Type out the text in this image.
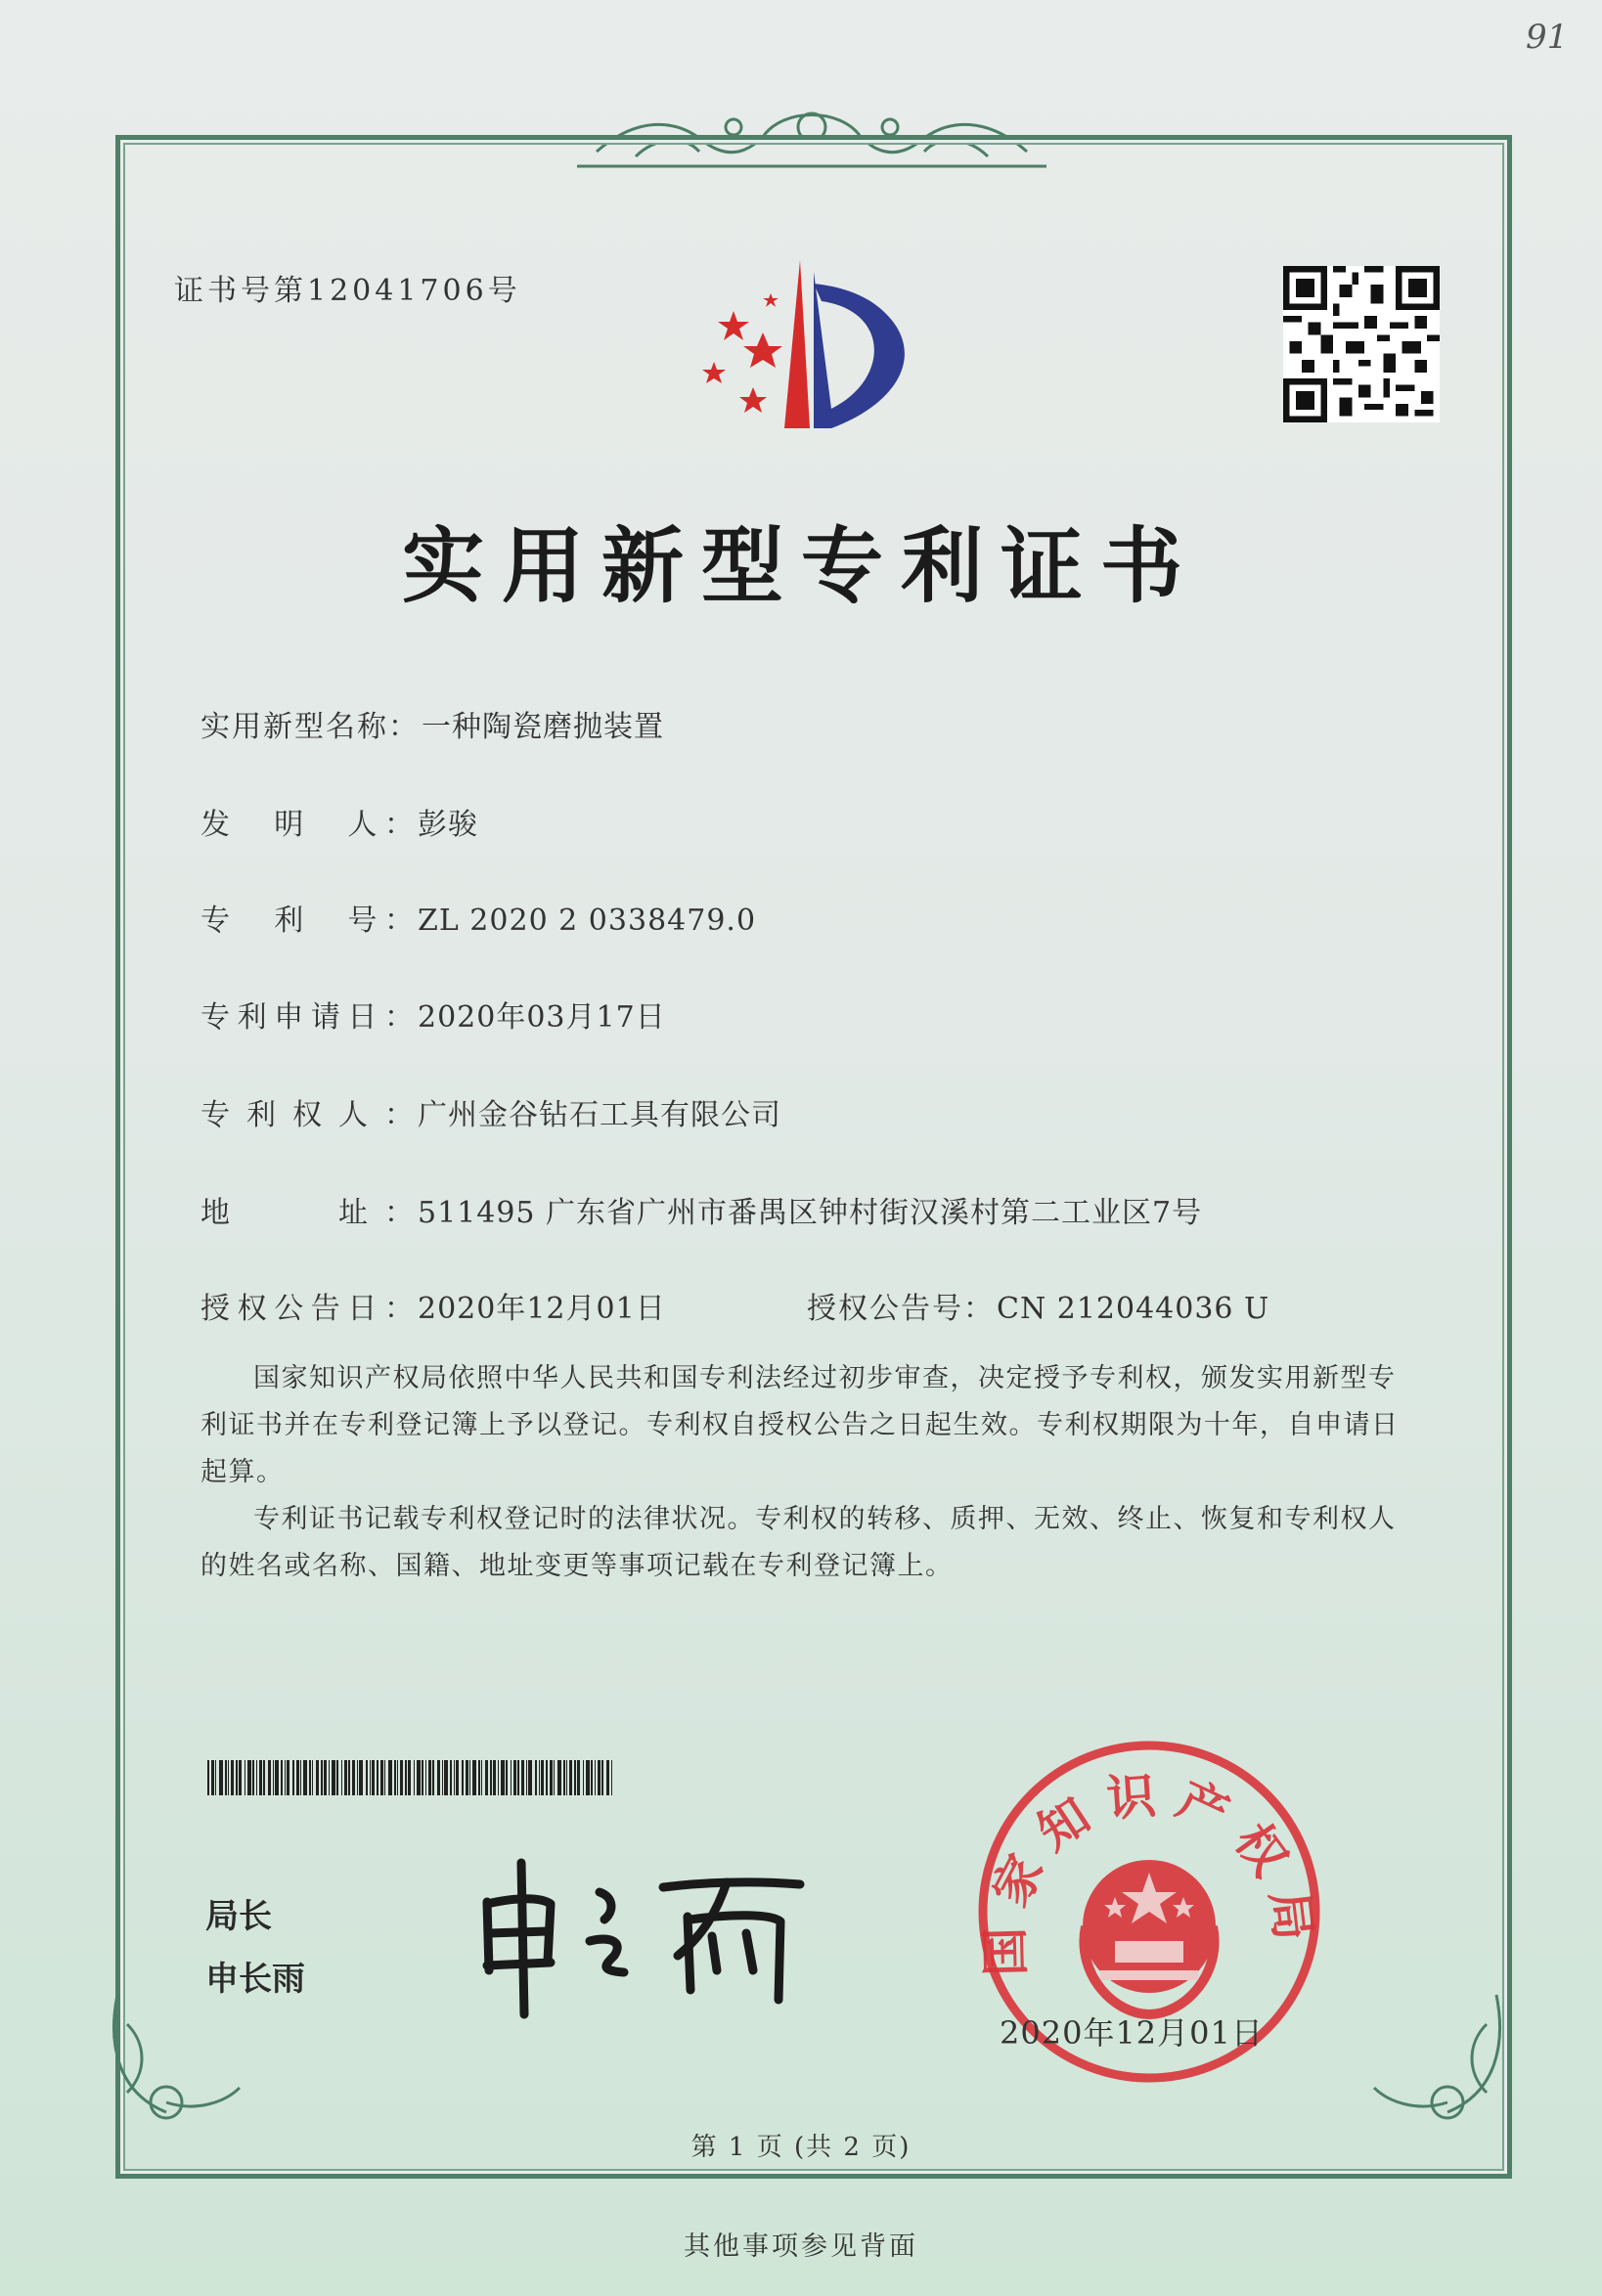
91
证书号第12041706号
实用新型专利证书
实用新型名称：一种陶瓷磨抛装置
发　明　人：彭骏
专　利　号：ZL 2020 2 0338479.0
专利申请日：2020年03月17日
专利权人：广州金谷钻石工具有限公司
地　　址：511495 广东省广州市番禺区钟村街汉溪村第二工业区7号
授权公告日：2020年12月01日	授权公告号：CN 212044036 U

国家知识产权局依照中华人民共和国专利法经过初步审查，决定授予专利权，颁发实用新型专利证书并在专利登记簿上予以登记。专利权自授权公告之日起生效。专利权期限为十年，自申请日起算。

专利证书记载专利权登记时的法律状况。专利权的转移、质押、无效、终止、恢复和专利权人的姓名或名称、国籍、地址变更等事项记载在专利登记簿上。

局长
申长雨
国家知识产权局
2020年12月01日
第 1 页 (共 2 页)
其他事项参见背面
